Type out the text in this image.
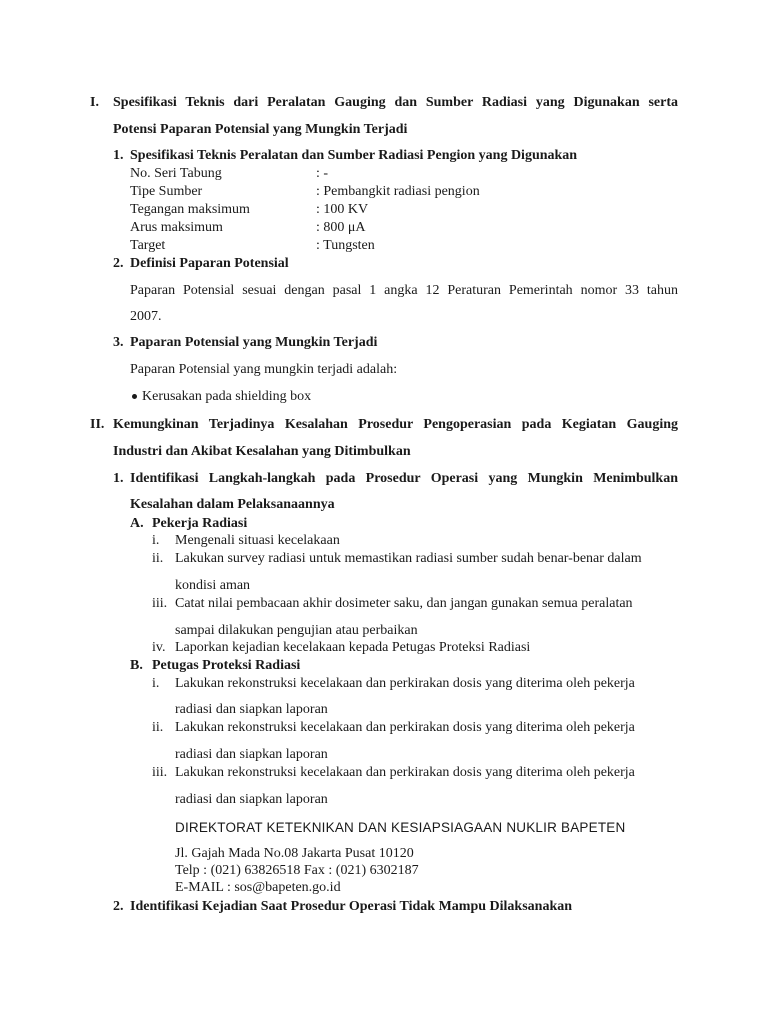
I. Spesifikasi Teknis dari Peralatan Gauging dan Sumber Radiasi yang Digunakan serta
Potensi Paparan Potensial yang Mungkin Terjadi
1. Spesifikasi Teknis Peralatan dan Sumber Radiasi Pengion yang Digunakan
No. Seri Tabung	: -
Tipe Sumber	: Pembangkit radiasi pengion
Tegangan maksimum	: 100 KV
Arus maksimum	: 800 μA
Target	: Tungsten
2. Definisi Paparan Potensial
Paparan Potensial sesuai dengan pasal 1 angka 12 Peraturan Pemerintah nomor 33 tahun
2007.
3. Paparan Potensial yang Mungkin Terjadi
Paparan Potensial yang mungkin terjadi adalah:
Kerusakan pada shielding box
II. Kemungkinan Terjadinya Kesalahan Prosedur Pengoperasian pada Kegiatan Gauging
Industri dan Akibat Kesalahan yang Ditimbulkan
1. Identifikasi Langkah-langkah pada Prosedur Operasi yang Mungkin Menimbulkan
Kesalahan dalam Pelaksanaannya
A. Pekerja Radiasi
i. Mengenali situasi kecelakaan
ii. Lakukan survey radiasi untuk memastikan radiasi sumber sudah benar-benar dalam
kondisi aman
iii. Catat nilai pembacaan akhir dosimeter saku, dan jangan gunakan semua peralatan
sampai dilakukan pengujian atau perbaikan
iv. Laporkan kejadian kecelakaan kepada Petugas Proteksi Radiasi
B. Petugas Proteksi Radiasi
i. Lakukan rekonstruksi kecelakaan dan perkirakan dosis yang diterima oleh pekerja
radiasi dan siapkan laporan
ii. Lakukan rekonstruksi kecelakaan dan perkirakan dosis yang diterima oleh pekerja
radiasi dan siapkan laporan
iii. Lakukan rekonstruksi kecelakaan dan perkirakan dosis yang diterima oleh pekerja
radiasi dan siapkan laporan
DIREKTORAT KETEKNIKAN DAN KESIAPSIAGAAN NUKLIR BAPETEN
Jl. Gajah Mada No.08 Jakarta Pusat 10120
Telp : (021) 63826518 Fax : (021) 6302187
E-MAIL : sos@bapeten.go.id
2. Identifikasi Kejadian Saat Prosedur Operasi Tidak Mampu Dilaksanakan
